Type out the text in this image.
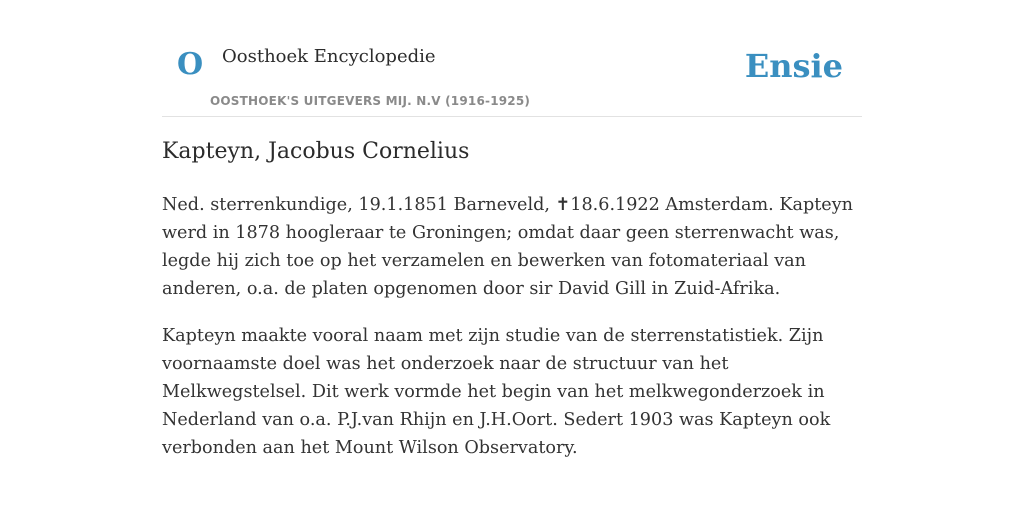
O Oosthoek Encyclopedie
OOSTHOEK'S UITGEVERS MIJ. N.V (1916-1925)
Ensie
Kapteyn, Jacobus Cornelius

Ned. sterrenkundige, 19.1.1851 Barneveld, ✝18.6.1922 Amsterdam. Kapteyn werd in 1878 hoogleraar te Groningen; omdat daar geen sterrenwacht was, legde hij zich toe op het verzamelen en bewerken van fotomateriaal van anderen, o.a. de platen opgenomen door sir David Gill in Zuid-Afrika.

Kapteyn maakte vooral naam met zijn studie van de sterrenstatistiek. Zijn voornaamste doel was het onderzoek naar de structuur van het Melkwegstelsel. Dit werk vormde het begin van het melkwegonderzoek in Nederland van o.a. P.J.van Rhijn en J.H.Oort. Sedert 1903 was Kapteyn ook verbonden aan het Mount Wilson Observatory.
